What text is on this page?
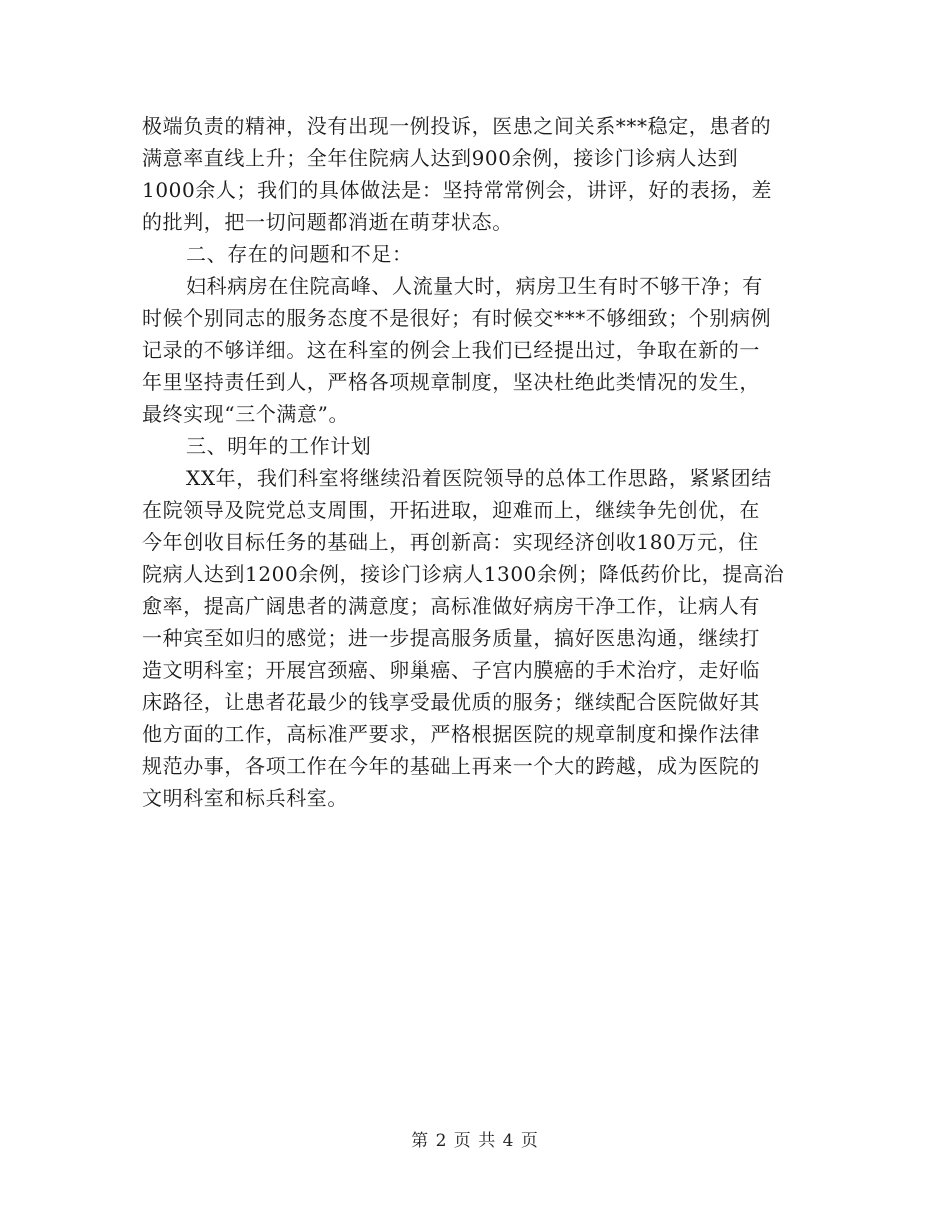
极端负责的精神，没有出现一例投诉，医患之间关系***稳定，患者的
满意率直线上升；全年住院病人达到900余例，接诊门诊病人达到
1000余人；我们的具体做法是：坚持常常例会，讲评，好的表扬，差
的批判，把一切问题都消逝在萌芽状态。
二、存在的问题和不足：
妇科病房在住院高峰、人流量大时，病房卫生有时不够干净；有
时候个别同志的服务态度不是很好；有时候交***不够细致；个别病例
记录的不够详细。这在科室的例会上我们已经提出过，争取在新的一
年里坚持责任到人，严格各项规章制度，坚决杜绝此类情况的发生，
最终实现“三个满意”。
三、明年的工作计划
XX年，我们科室将继续沿着医院领导的总体工作思路，紧紧团结
在院领导及院党总支周围，开拓进取，迎难而上，继续争先创优，在
今年创收目标任务的基础上，再创新高：实现经济创收180万元，住
院病人达到1200余例，接诊门诊病人1300余例；降低药价比，提高治
愈率，提高广阔患者的满意度；高标准做好病房干净工作，让病人有
一种宾至如归的感觉；进一步提高服务质量，搞好医患沟通，继续打
造文明科室；开展宫颈癌、卵巢癌、子宫内膜癌的手术治疗，走好临
床路径，让患者花最少的钱享受最优质的服务；继续配合医院做好其
他方面的工作，高标准严要求，严格根据医院的规章制度和操作法律
规范办事，各项工作在今年的基础上再来一个大的跨越，成为医院的
文明科室和标兵科室。
第 2 页 共 4 页
